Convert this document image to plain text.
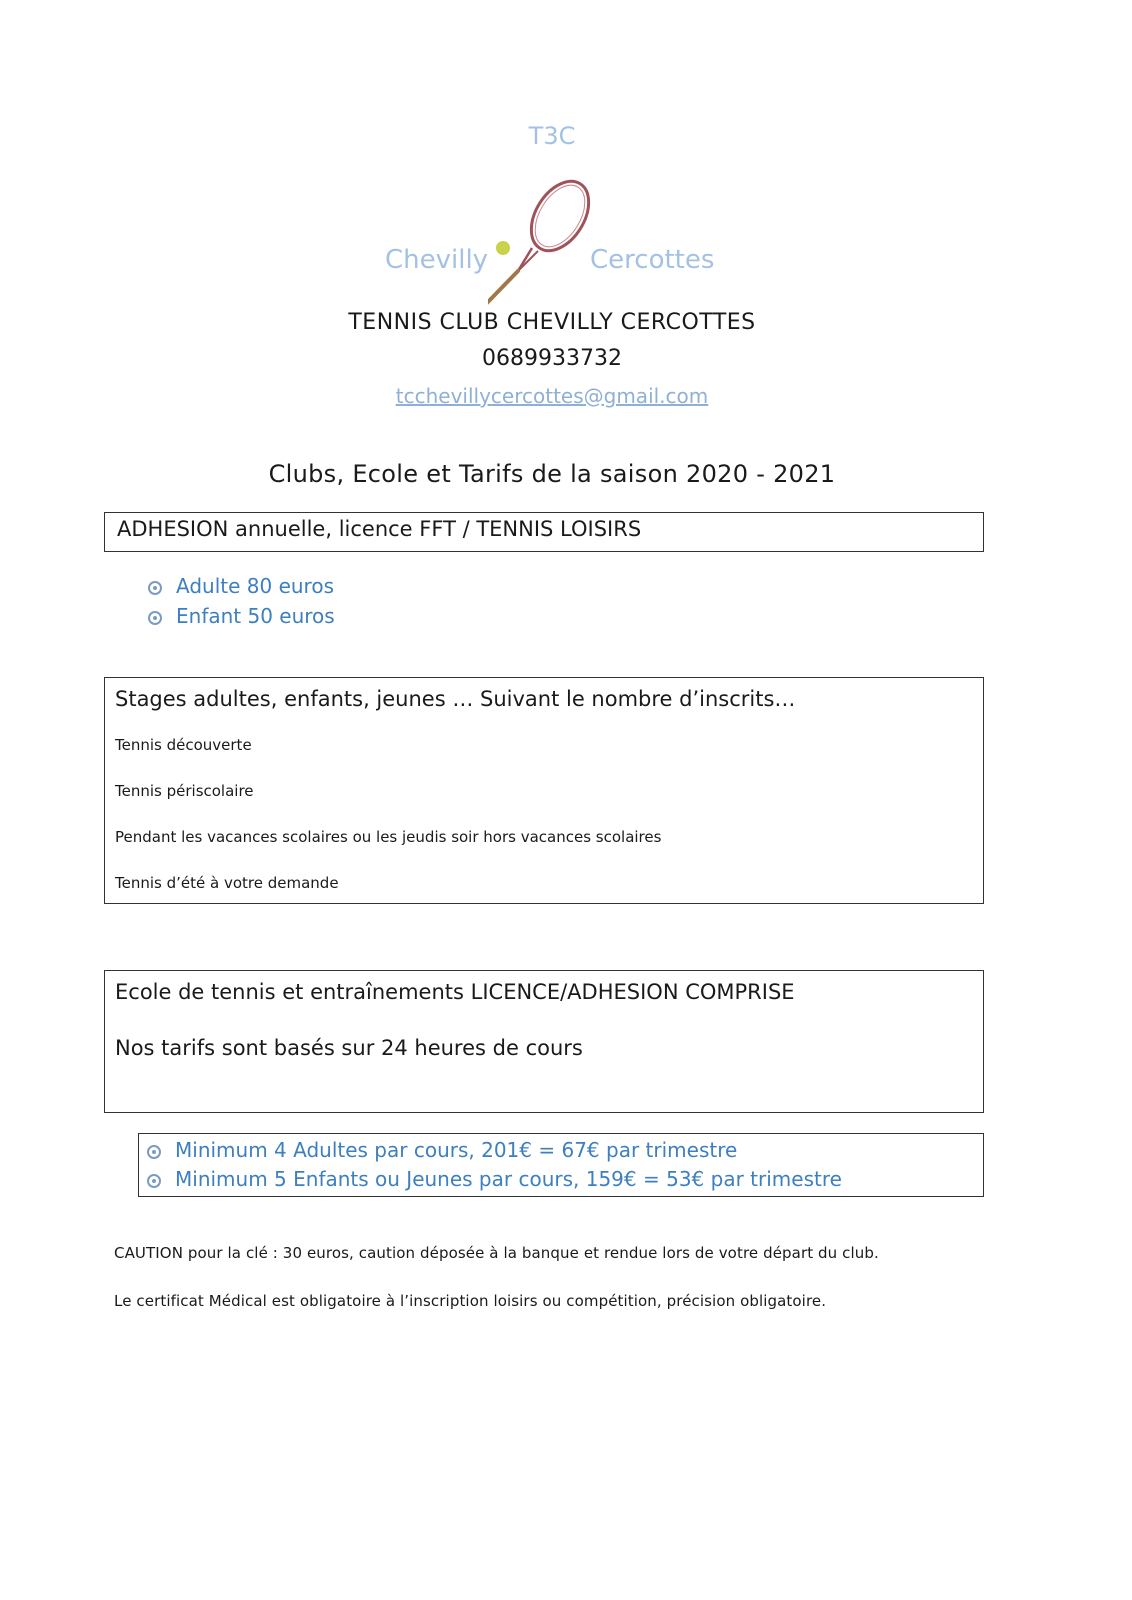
T3C
Chevilly	Cercottes
TENNIS CLUB CHEVILLY CERCOTTES
0689933732
tcchevillycercottes@gmail.com
Clubs, Ecole et Tarifs de la saison 2020 - 2021
ADHESION annuelle, licence FFT / TENNIS LOISIRS
Adulte 80 euros
Enfant 50 euros

Stages adultes, enfants, jeunes … Suivant le nombre d’inscrits…

Tennis découverte

Tennis périscolaire

Pendant les vacances scolaires ou les jeudis soir hors vacances scolaires

Tennis d’été à votre demande

Ecole de tennis et entraînements LICENCE/ADHESION COMPRISE

Nos tarifs sont basés sur 24 heures de cours

Minimum 4 Adultes par cours, 201€ = 67€ par trimestre
Minimum 5 Enfants ou Jeunes par cours, 159€ = 53€ par trimestre
CAUTION pour la clé : 30 euros, caution déposée à la banque et rendue lors de votre départ du club.
Le certificat Médical est obligatoire à l’inscription loisirs ou compétition, précision obligatoire.
